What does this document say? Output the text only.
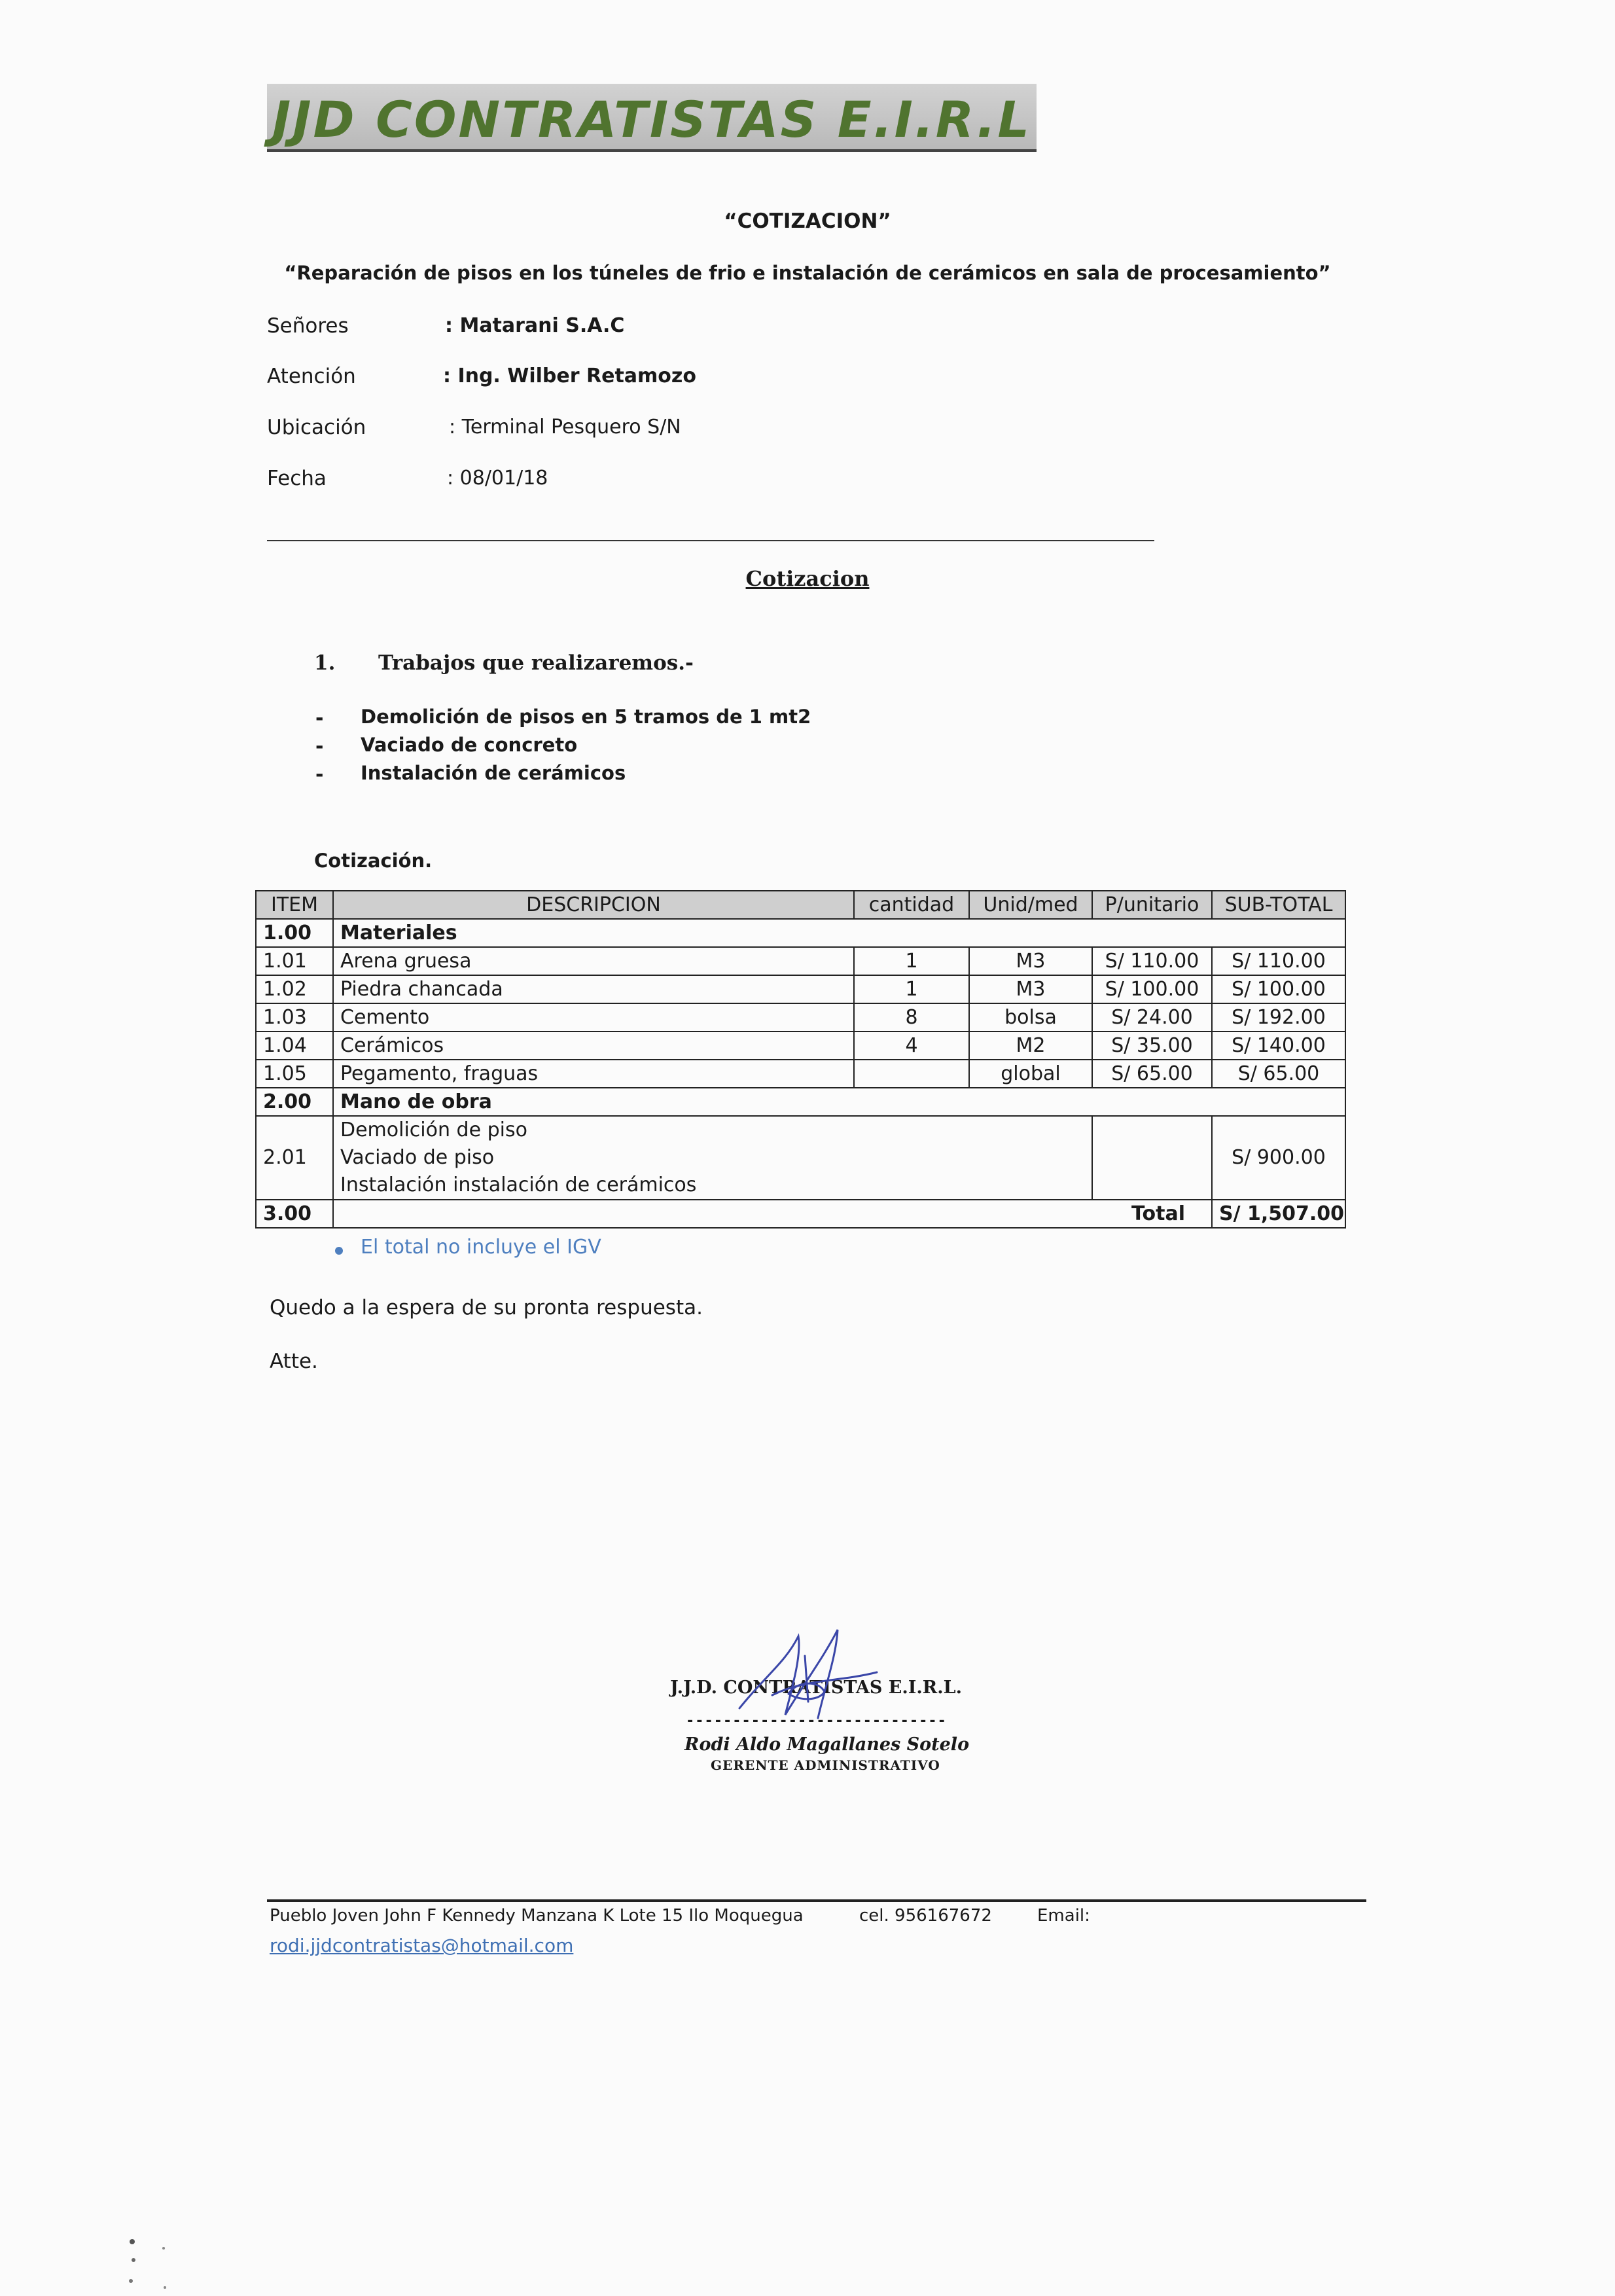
JJD CONTRATISTAS E.I.R.L
“COTIZACION”
“Reparación de pisos en los túneles de frio e instalación de cerámicos en sala de procesamiento”
Señores	: Matarani S.A.C
Atención	: Ing. Wilber Retamozo
Ubicación	: Terminal Pesquero S/N
Fecha	: 08/01/18
Cotizacion
1. Trabajos que realizaremos.-
- Demolición de pisos en 5 tramos de 1 mt2
- Vaciado de concreto
- Instalación de cerámicos
Cotización.
ITEM	DESCRIPCION	cantidad	Unid/med	P/unitario	SUB-TOTAL
1.00	Materiales				
1.01	Arena gruesa	1	M3	S/ 110.00	S/ 110.00
1.02	Piedra chancada	1	M3	S/ 100.00	S/ 100.00
1.03	Cemento	8	bolsa	S/ 24.00	S/ 192.00
1.04	Cerámicos	4	M2	S/ 35.00	S/ 140.00
1.05	Pegamento, fraguas		global	S/ 65.00	S/ 65.00
2.00	Mano de obra				
2.01	Demolición de piso
Vaciado de piso
Instalación instalación de cerámicos				S/ 900.00
3.00	Total				S/ 1,507.00
El total no incluye el IGV
Quedo a la espera de su pronta respuesta.
Atte.
J.J.D. CONTRATISTAS E.I.R.L.
----------------------------
Rodi Aldo Magallanes Sotelo
GERENTE ADMINISTRATIVO
Pueblo Joven John F Kennedy Manzana K Lote 15 Ilo Moquegua	cel. 956167672	Email:
rodi.jjdcontratistas@hotmail.com
